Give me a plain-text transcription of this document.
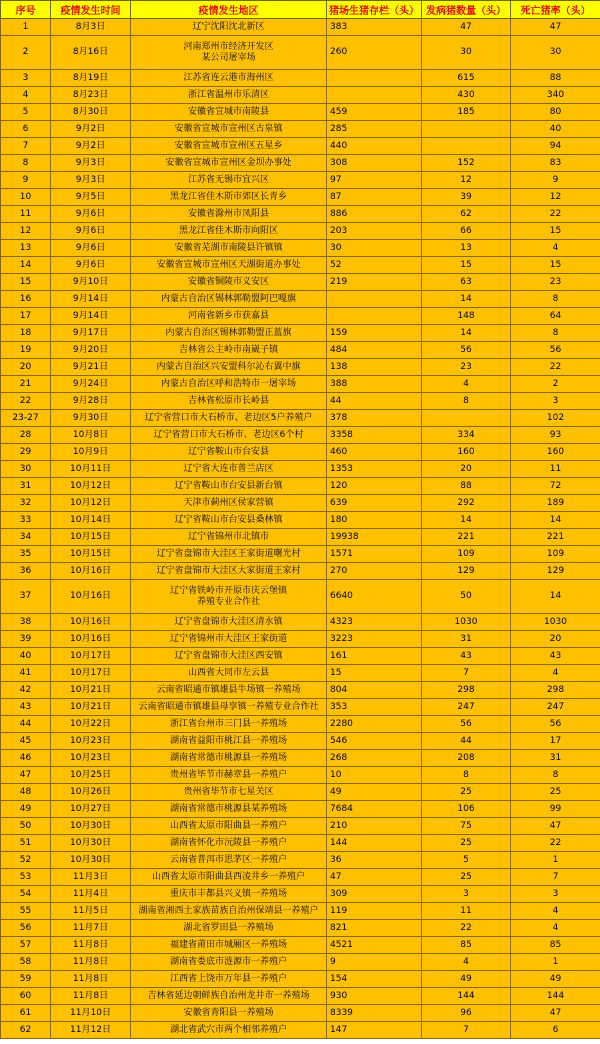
序号	疫情发生时间	疫情发生地区	猪场生猪存栏（头）	发病猪数量（头）	死亡猪率（头）
1	8月3日	辽宁沈阳沈北新区	383	47	47
2	8月16日	河南郑州市经济开发区
某公司屠宰场	260	30	30
3	8月19日	江苏省连云港市海州区		615	88
4	8月23日	浙江省温州市乐清区		430	340
5	8月30日	安徽省宣城市南陵县	459	185	80
6	9月2日	安徽省宣城市宣州区古泉镇	285		40
7	9月2日	安徽省宣城市宣州区五星乡	440		94
8	9月3日	安徽省宣城市宣州区金坝办事处	308	152	83
9	9月3日	江苏省无锡市宜兴区	97	12	9
10	9月5日	黑龙江省佳木斯市郊区长青乡	87	39	12
11	9月6日	安徽省滁州市凤阳县	886	62	22
12	9月6日	黑龙江省佳木斯市向阳区	203	66	15
13	9月6日	安徽省芜湖市南陵县许镇镇	30	13	4
14	9月6日	安徽省宣城市宣州区天湖街道办事处	52	15	15
15	9月10日	安徽省铜陵市义安区	219	63	23
16	9月14日	内蒙古自治区锡林郭勒盟阿巴嘎旗		14	8
17	9月14日	河南省新乡市获嘉县		148	64
18	9月17日	内蒙古自治区锡林郭勒盟正蓝旗	159	14	8
19	9月20日	吉林省公主岭市南崴子镇	484	56	56
20	9月21日	内蒙古自治区兴安盟科尔沁右翼中旗	138	23	22
21	9月24日	内蒙古自治区呼和浩特市一屠宰场	388	4	2
22	9月28日	吉林省松原市长岭县	44	8	3
23-27	9月30日	辽宁省营口市大石桥市、老边区5户养殖户	378		102
28	10月8日	辽宁省营口市大石桥市、老边区6个村	3358	334	93
29	10月9日	辽宁省鞍山市台安县	460	160	160
30	10月11日	辽宁省大连市普兰店区	1353	20	11
31	10月12日	辽宁省鞍山市台安县新台镇	120	88	72
32	10月12日	天津市蓟州区侯家营镇	639	292	189
33	10月14日	辽宁省鞍山市台安县桑林镇	180	14	14
34	10月15日	辽宁省锦州市北镇市	19938	221	221
35	10月15日	辽宁省盘锦市大洼区王家街道曙光村	1571	109	109
36	10月16日	辽宁省盘锦市大洼区大家街道王家村	270	129	129
37	10月16日	辽宁省铁岭市开原市庆云堡镇
养殖专业合作社	6640	50	14
38	10月16日	辽宁省盘锦市大洼区清水镇	4323	1030	1030
39	10月16日	辽宁省锦州市大洼区王家街道	3223	31	20
40	10月17日	辽宁省盘锦市大洼区西安镇	161	43	43
41	10月17日	山西省大同市左云县	15	7	4
42	10月21日	云南省昭通市镇雄县牛场镇一养殖场	804	298	298
43	10月21日	云南省昭通市镇雄县母享镇一养殖专业合作社	353	247	247
44	10月22日	浙江省台州市三门县一养殖场	2280	56	56
45	10月23日	湖南省益阳市桃江县一养殖场	546	44	17
46	10月23日	湖南省常德市桃源县一养殖场	268	208	31
47	10月25日	贵州省毕节市赫章县一养殖户	10	8	8
48	10月26日	贵州省毕节市七星关区	49	25	25
49	10月27日	湖南省常德市桃源县某养殖场	7684	106	99
50	10月30日	山西省太原市阳曲县一养殖户	210	75	47
51	10月30日	湖南省怀化市沅陵县一养殖户	144	25	22
52	10月30日	云南省普洱市思茅区一养殖户	36	5	1
53	11月3日	山西省太原市阳曲县西凌井乡一养殖户	47	25	7
54	11月4日	重庆市丰都县兴义镇一养殖场	309	3	3
55	11月5日	湖南省湘西土家族苗族自治州保靖县一养殖户	119	11	4
56	11月7日	湖北省罗田县一养殖场	821	22	4
57	11月8日	福建省莆田市城厢区一养殖场	4521	85	85
58	11月8日	湖南省娄底市涟源市一养殖户	9	4	1
59	11月8日	江西省上饶市万年县一养殖户	154	49	49
60	11月8日	吉林省延边朝鲜族自治州龙井市一养殖场	930	144	144
61	11月10日	安徽省青阳县一养殖场	8339	96	47
62	11月12日	湖北省武穴市两个相邻养殖户	147	7	6
